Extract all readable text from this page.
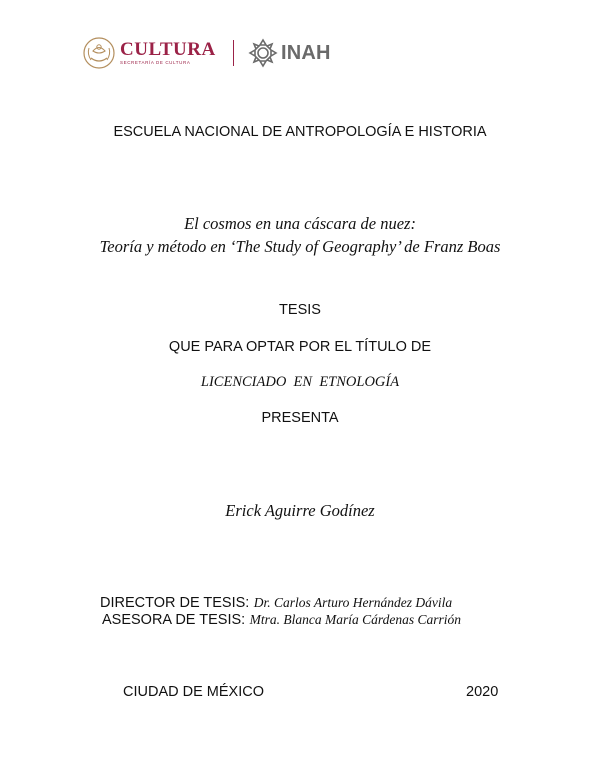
CULTURA
SECRETARÍA DE CULTURA	INAH
ESCUELA NACIONAL DE ANTROPOLOGÍA E HISTORIA
El cosmos en una cáscara de nuez:
Teoría y método en ‘The Study of Geography’ de Franz Boas
TESIS
QUE PARA OPTAR POR EL TÍTULO DE
LICENCIADO  EN  ETNOLOGÍA
PRESENTA
Erick Aguirre Godínez
DIRECTOR DE TESIS: Dr. Carlos Arturo Hernández Dávila
ASESORA DE TESIS: Mtra. Blanca María Cárdenas Carrión
CIUDAD DE MÉXICO	2020
